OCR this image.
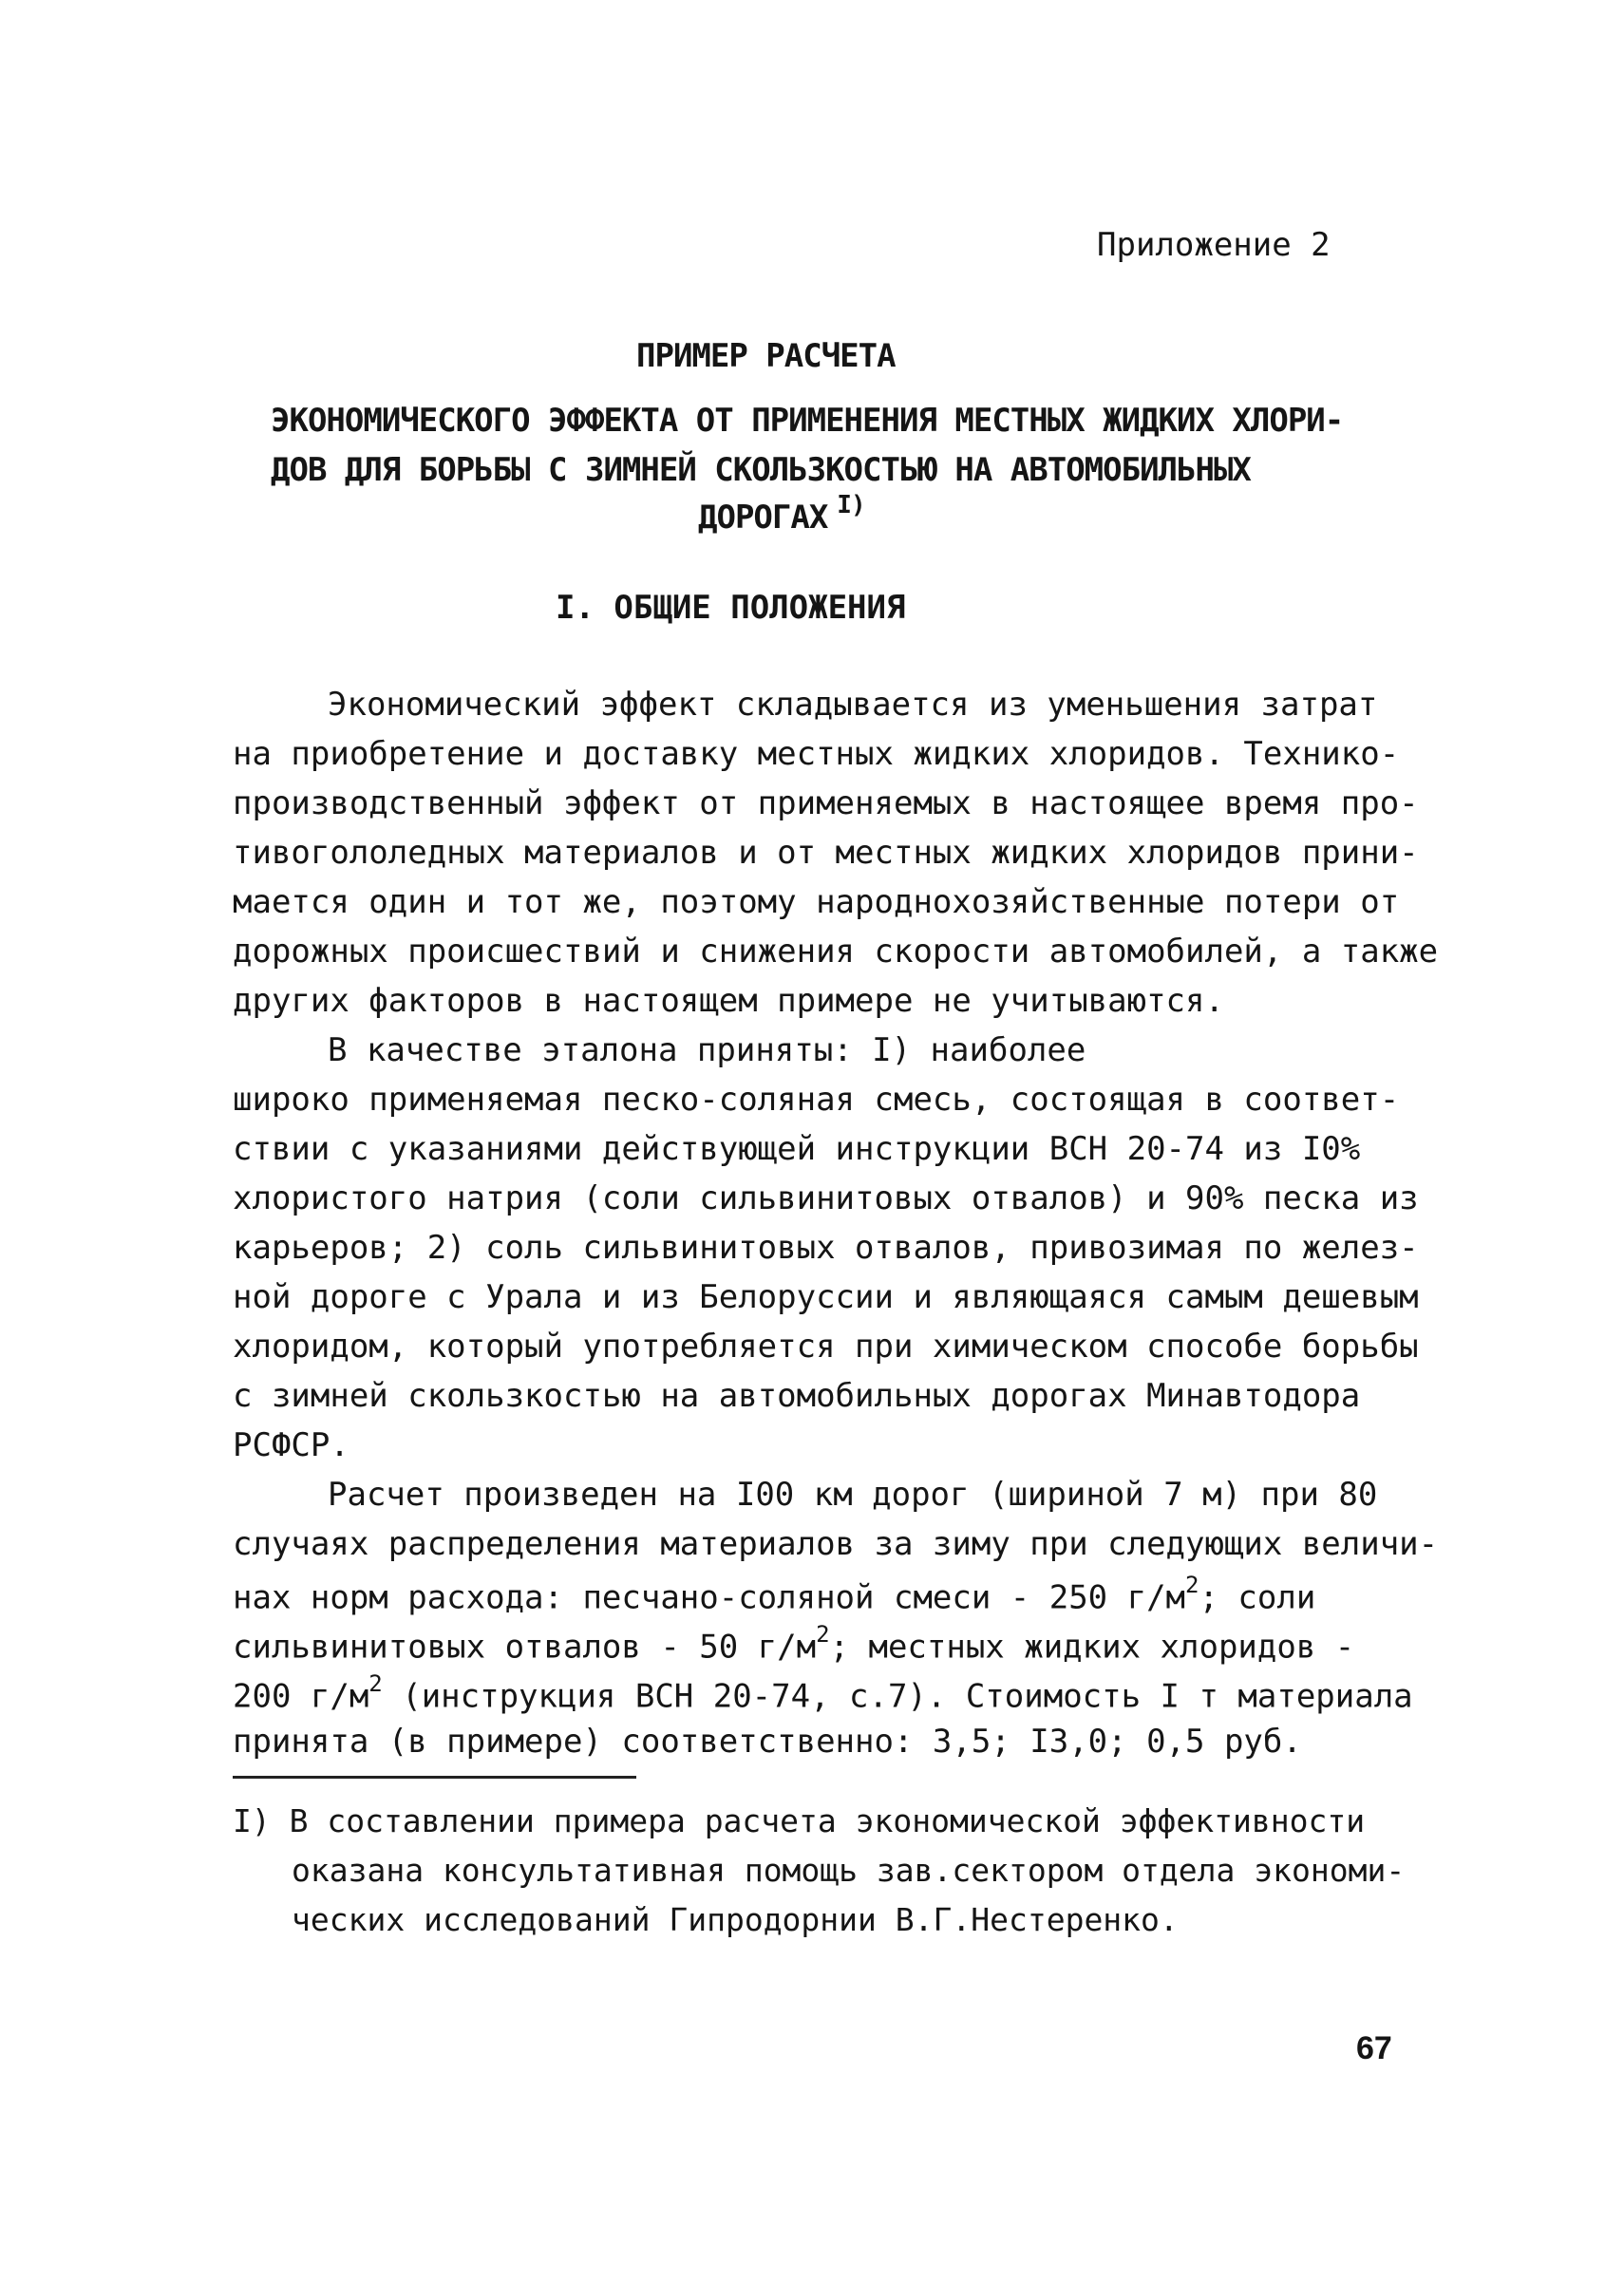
Приложение 2
ПРИМЕР РАСЧЕТА
ЭКОНОМИЧЕСКОГО ЭФФЕКТА ОТ ПРИМЕНЕНИЯ МЕСТНЫХ ЖИДКИХ ХЛОРИ-
ДОВ ДЛЯ БОРЬБЫ С ЗИМНЕЙ СКОЛЬЗКОСТЬЮ НА АВТОМОБИЛЬНЫХ
ДОРОГАХ $^{I)}$
I. ОБЩИЕ ПОЛОЖЕНИЯ
Экономический эффект складывается из уменьшения затрат
на приобретение и доставку местных жидких хлоридов. Технико-
производственный эффект от применяемых в настоящее время про-
тивогололедных материалов и от местных жидких хлоридов прини-
мается один и тот же, поэтому народнохозяйственные потери от
дорожных происшествий и снижения скорости автомобилей, а также
других факторов в настоящем примере не учитываются.
В качестве эталона приняты: I) наиболее
широко применяемая песко-соляная смесь, состоящая в соответ-
ствии с указаниями действующей инструкции ВСН 20-74 из I0%
хлористого натрия (соли сильвинитовых отвалов) и 90% песка из
карьеров; 2) соль сильвинитовых отвалов, привозимая по желез-
ной дороге с Урала и из Белоруссии и являющаяся самым дешевым
хлоридом, который употребляется при химическом способе борьбы
с зимней скользкостью на автомобильных дорогах Минавтодора
РСФСР.
Расчет произведен на I00 км дорог (шириной 7 м) при 80
случаях распределения материалов за зиму при следующих величи-
нах норм расхода: песчано-соляной смеси - 250 $г/м^2$; соли
сильвинитовых отвалов - 50 $г/м^2$; местных жидких хлоридов -
200 $г/м^2$ (инструкция ВСН 20-74, с.7). Стоимость I т материала
принята (в примере) соответственно: 3,5; I3,0; 0,5 руб.
I) В составлении примера расчета экономической эффективности
оказана консультативная помощь зав.сектором отдела экономи-
ческих исследований Гипродорнии В.Г.Нестеренко.
67
